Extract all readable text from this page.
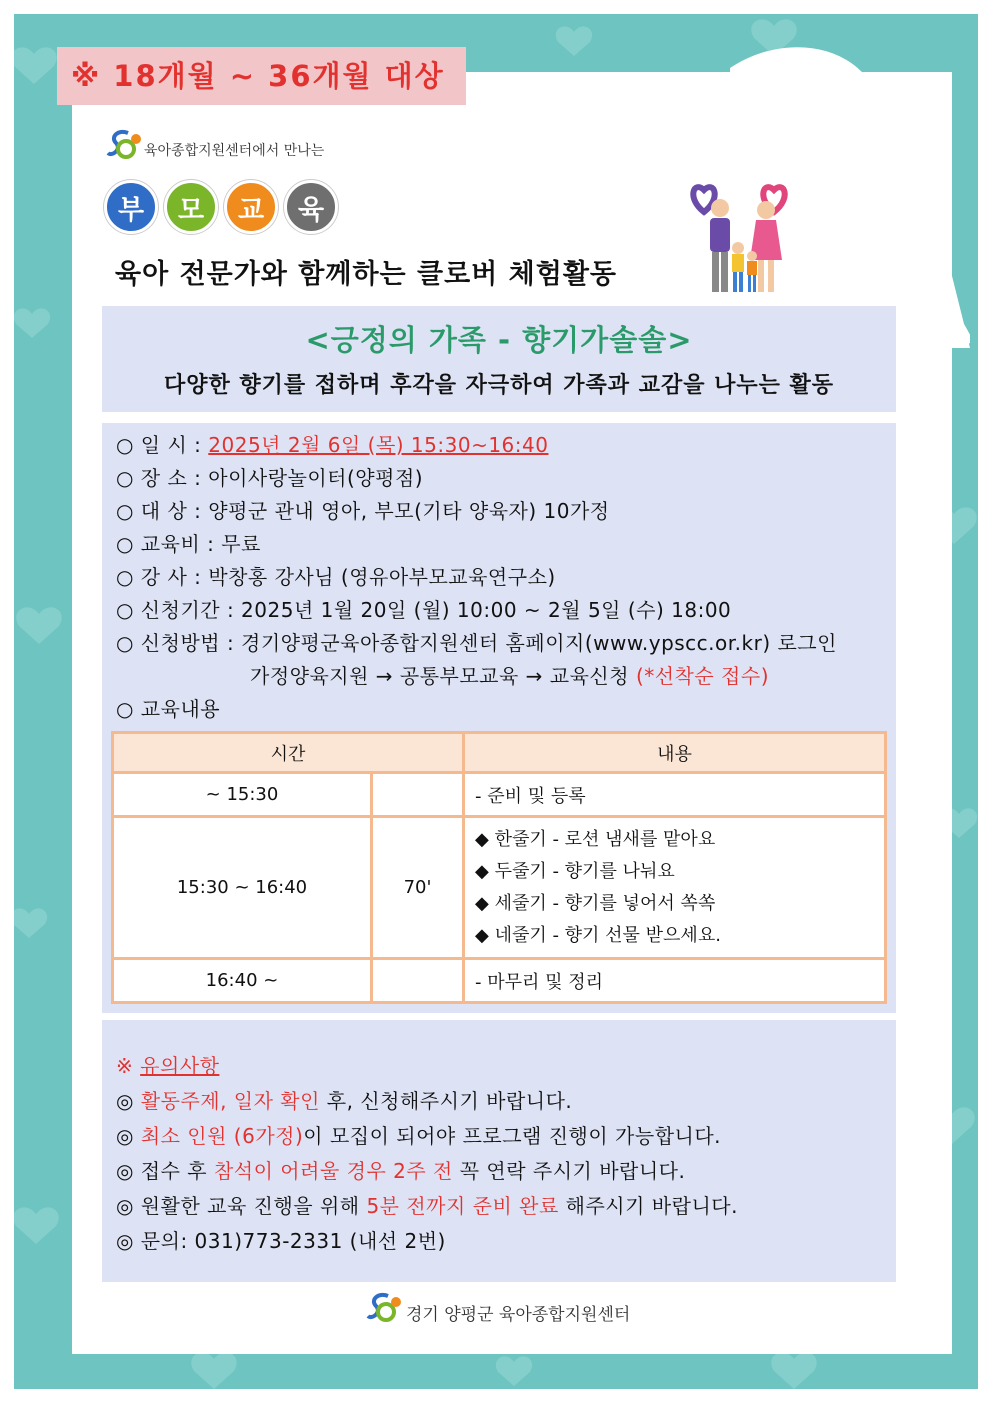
※ 18개월 ~ 36개월 대상
육아종합지원센터에서 만나는
부	모	교	육
육아 전문가와 함께하는 클로버 체험활동
<긍정의 가족 - 향기가솔솔>
다양한 향기를 접하며 후각을 자극하여 가족과 교감을 나누는 활동
○ 일 시 : 2025년 2월 6일 (목) 15:30~16:40
○ 장 소 : 아이사랑놀이터(양평점)
○ 대 상 : 양평군 관내 영아, 부모(기타 양육자) 10가정
○ 교육비 : 무료
○ 강 사 : 박창홍 강사님 (영유아부모교육연구소)
○ 신청기간 : 2025년 1월 20일 (월) 10:00 ~ 2월 5일 (수) 18:00
○ 신청방법 : 경기양평군육아종합지원센터 홈페이지(www.ypscc.or.kr) 로그인
가정양육지원 → 공통부모교육 → 교육신청 (*선착순 접수)
○ 교육내용
시간		내용
~ 15:30		- 준비 및 등록
15:30 ~ 16:40	70'	◆ 한줄기 - 로션 냄새를 맡아요
◆ 두줄기 - 향기를 나눠요
◆ 세줄기 - 향기를 넣어서 쏙쏙
◆ 네줄기 - 향기 선물 받으세요.

16:40 ~		- 마무리 및 정리
※ 유의사항
◎ 활동주제, 일자 확인 후, 신청해주시기 바랍니다.
◎ 최소 인원 (6가정)이 모집이 되어야 프로그램 진행이 가능합니다.
◎ 접수 후 참석이 어려울 경우 2주 전 꼭 연락 주시기 바랍니다.
◎ 원활한 교육 진행을 위해 5분 전까지 준비 완료 해주시기 바랍니다.
◎ 문의: 031)773-2331 (내선 2번)
경기 양평군 육아종합지원센터
